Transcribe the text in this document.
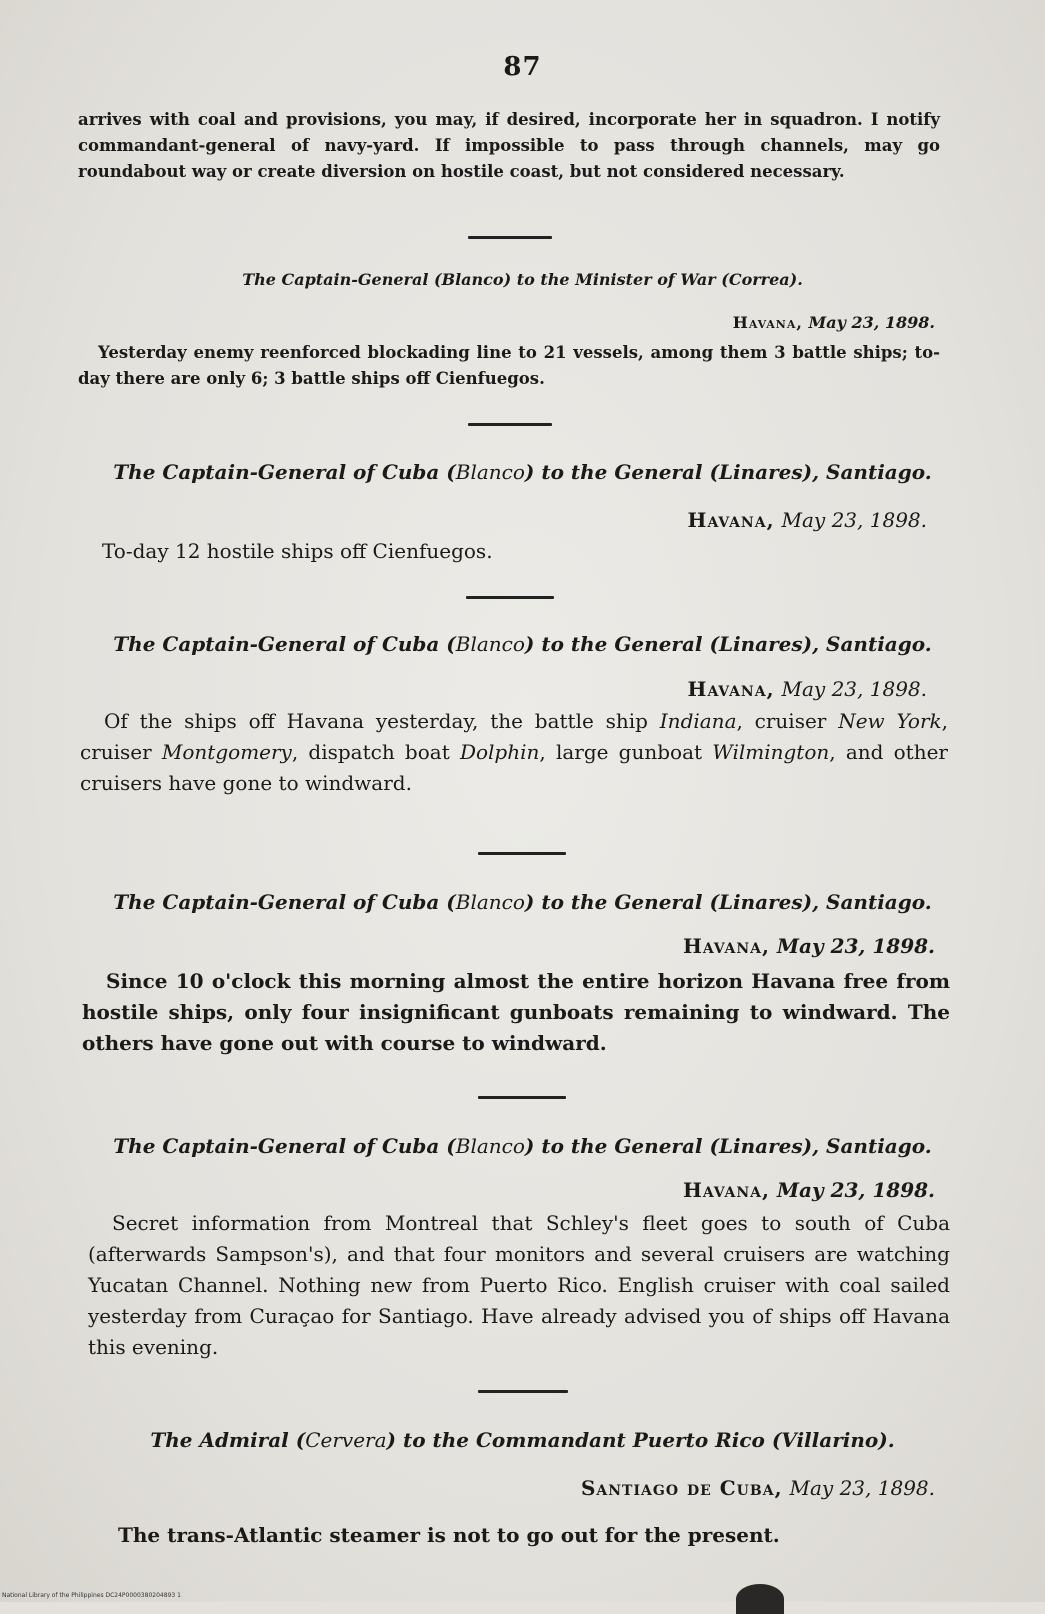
87

arrives with coal and provisions, you may, if desired, incorporate her in squadron. I notify commandant-general of navy-yard. If impossible to pass through channels, may go roundabout way or create diversion on hostile coast, but not considered necessary.

The Captain-General (Blanco) to the Minister of War (Correa).
Havana, May 23, 1898.

Yesterday enemy reenforced blockading line to 21 vessels, among them 3 battle ships; to-day there are only 6; 3 battle ships off Cienfuegos.

The Captain-General of Cuba (Blanco) to the General (Linares), Santiago.
Havana, May 23, 1898.

To-day 12 hostile ships off Cienfuegos.

The Captain-General of Cuba (Blanco) to the General (Linares), Santiago.
Havana, May 23, 1898.

Of the ships off Havana yesterday, the battle ship Indiana, cruiser New York, cruiser Montgomery, dispatch boat Dolphin, large gunboat Wilmington, and other cruisers have gone to windward.

The Captain-General of Cuba (Blanco) to the General (Linares), Santiago.
Havana, May 23, 1898.

Since 10 o'clock this morning almost the entire horizon Havana free from hostile ships, only four insignificant gunboats remaining to windward. The others have gone out with course to windward.

The Captain-General of Cuba (Blanco) to the General (Linares), Santiago.
Havana, May 23, 1898.

Secret information from Montreal that Schley's fleet goes to south of Cuba (afterwards Sampson's), and that four monitors and several cruisers are watching Yucatan Channel. Nothing new from Puerto Rico. English cruiser with coal sailed yesterday from Curaçao for Santiago. Have already advised you of ships off Havana this evening.

The Admiral (Cervera) to the Commandant Puerto Rico (Villarino).
Santiago de Cuba, May 23, 1898.

The trans-Atlantic steamer is not to go out for the present.

National Library of the Philippines DC24P0000380204893 1
